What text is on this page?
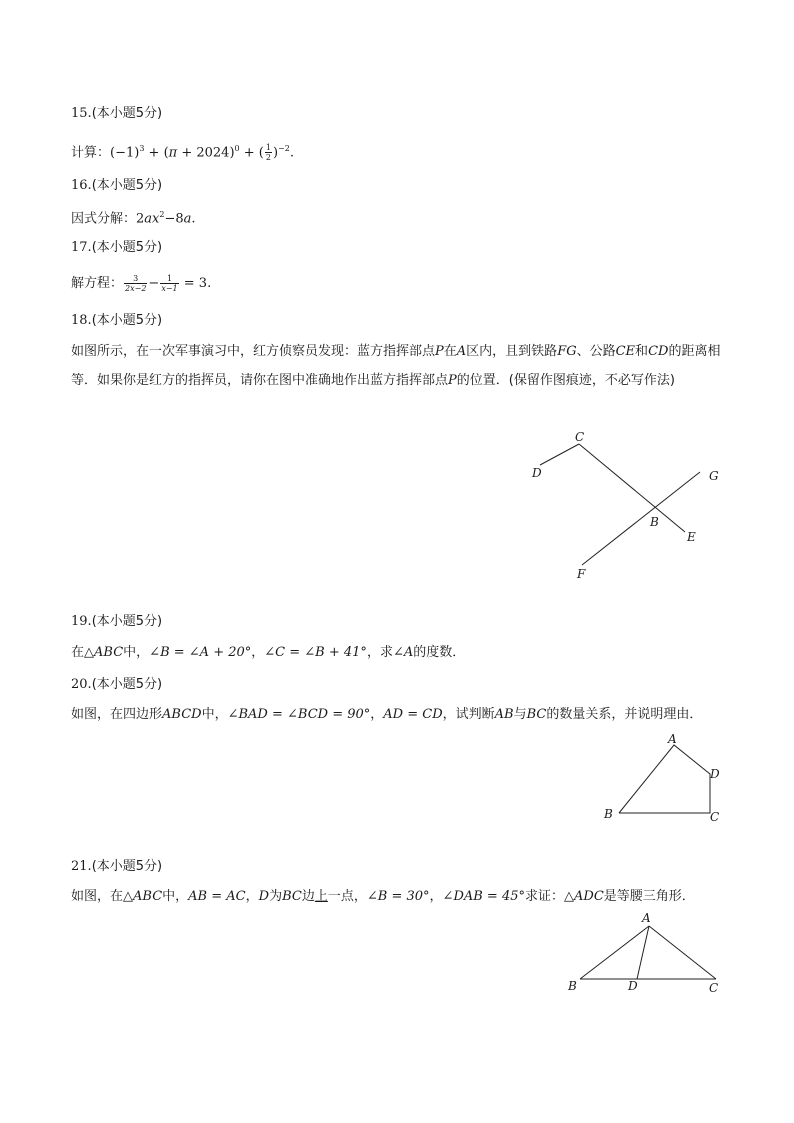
15.(本小题5分)
计算：$(-1)^3 + (\pi + 2024)^0$ + ( $\frac{1}{2} )^{-2}$.
16.(本小题5分)
因式分解：$2ax^2-8a$.
17.(本小题5分)
解方程： $\frac{3}{2x-2} - \frac{1}{x-1} = 3$.
18.(本小题5分)
如图所示，在一次军事演习中，红方侦察员发现：蓝方指挥部点P在A区内，且到铁路FG、公路CE和CD的距离相等．如果你是红方的指挥员，请你在图中准确地作出蓝方指挥部点P的位置．(保留作图痕迹，不必写作法)
C
D	G
B
E
F
19.(本小题5分)
在△ABC中，∠B = ∠A + 20°，∠C = ∠B + 41°，求∠A的度数．
20.(本小题5分)
如图，在四边形ABCD中，∠BAD = ∠BCD = 90°，AD = CD，试判断AB与BC的数量关系，并说明理由．
A
D
B	C
21.(本小题5分)
如图，在△ABC中，AB = AC，D为BC边上一点，∠B = 30°，∠DAB = 45°求证：△ADC是等腰三角形．
A
B	D	C
